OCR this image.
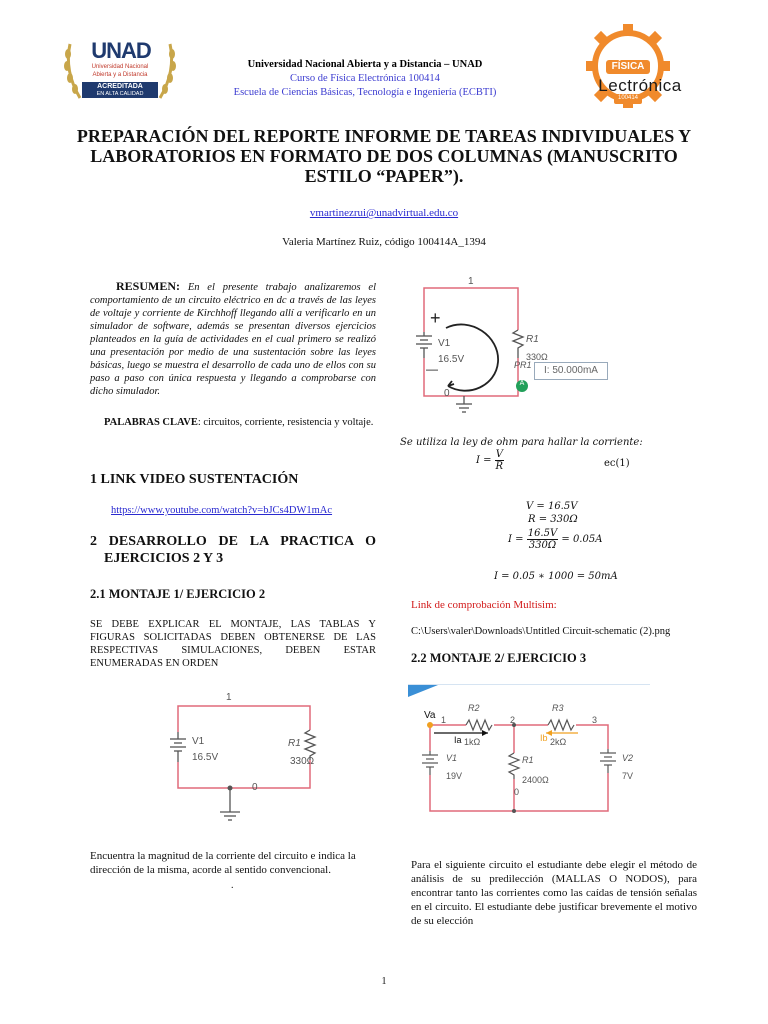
UNAD
Universidad Nacional
Abierta y a Distancia
ACREDITADA
EN ALTA CALIDAD
Universidad Nacional Abierta y a Distancia – UNAD
Curso de Física Electrónica 100414
Escuela de Ciencias Básicas, Tecnología e Ingeniería (ECBTI)
FÍSICA
Lectrónica
100414
PREPARACIÓN DEL REPORTE INFORME DE TAREAS INDIVIDUALES Y
LABORATORIOS EN FORMATO DE DOS COLUMNAS (MANUSCRITO
ESTILO “PAPER”).
vmartinezrui@unadvirtual.edu.co
Valeria Martínez Ruiz, código 100414A_1394
RESUMEN: En el presente trabajo analizaremos el comportamiento de un circuito eléctrico en dc a través de las leyes de voltaje y corriente de Kirchhoff llegando allí a verificarlo en un simulador de software, además se presentan diversos ejercicios planteados en la guía de actividades en el cual primero se realizó una presentación por medio de una sustentación sobre las leyes básicas, luego se muestra el desarrollo de cada uno de ellos con su paso a paso con única respuesta y llegando a comprobarse con dicho simulador.
PALABRAS CLAVE: circuitos, corriente, resistencia y voltaje.
1 LINK VIDEO SUSTENTACIÓN
https://www.youtube.com/watch?v=bJCs4DW1mAc
2 DESARROLLO DE LA PRACTICA O
EJERCICIOS 2 Y 3
2.1 MONTAJE 1/ EJERCICIO 2
SE DEBE EXPLICAR EL MONTAJE, LAS TABLAS Y FIGURAS SOLICITADAS DEBEN OBTENERSE DE LAS RESPECTIVAS SIMULACIONES, DEBEN ESTAR ENUMERADAS EN ORDEN
1
0
V1
16.5V
R1
330Ω
Encuentra la magnitud de la corriente del circuito e indica la dirección de la misma, acorde al sentido convencional.
.
+
—
1
0
V1
16.5V
R1
330Ω
PR1
A
I: 50.000mA
Se utiliza la ley de ohm para hallar la corriente:
$I = \frac{V}{R}$	ec(1)
V = 16.5V
R = 330Ω
$I = \frac{16.5V}{330\Omega} = 0.05A$
I = 0.05 ∗ 1000 = 50mA
Link de comprobación Multisim:
C:\Users\valer\Downloads\Untitled Circuit-schematic (2).png
2.2 MONTAJE 2/ EJERCICIO 3
Va 1	2	3
0
R2
1kΩ
R3
2kΩ
R1
2400Ω
V1
19V
V2
7V
Ia	Ib
Para el siguiente circuito el estudiante debe elegir el método de análisis de su predilección (MALLAS O NODOS), para encontrar tanto las corrientes como las caídas de tensión señalas en el circuito. El estudiante debe justificar brevemente el motivo de su elección
1
